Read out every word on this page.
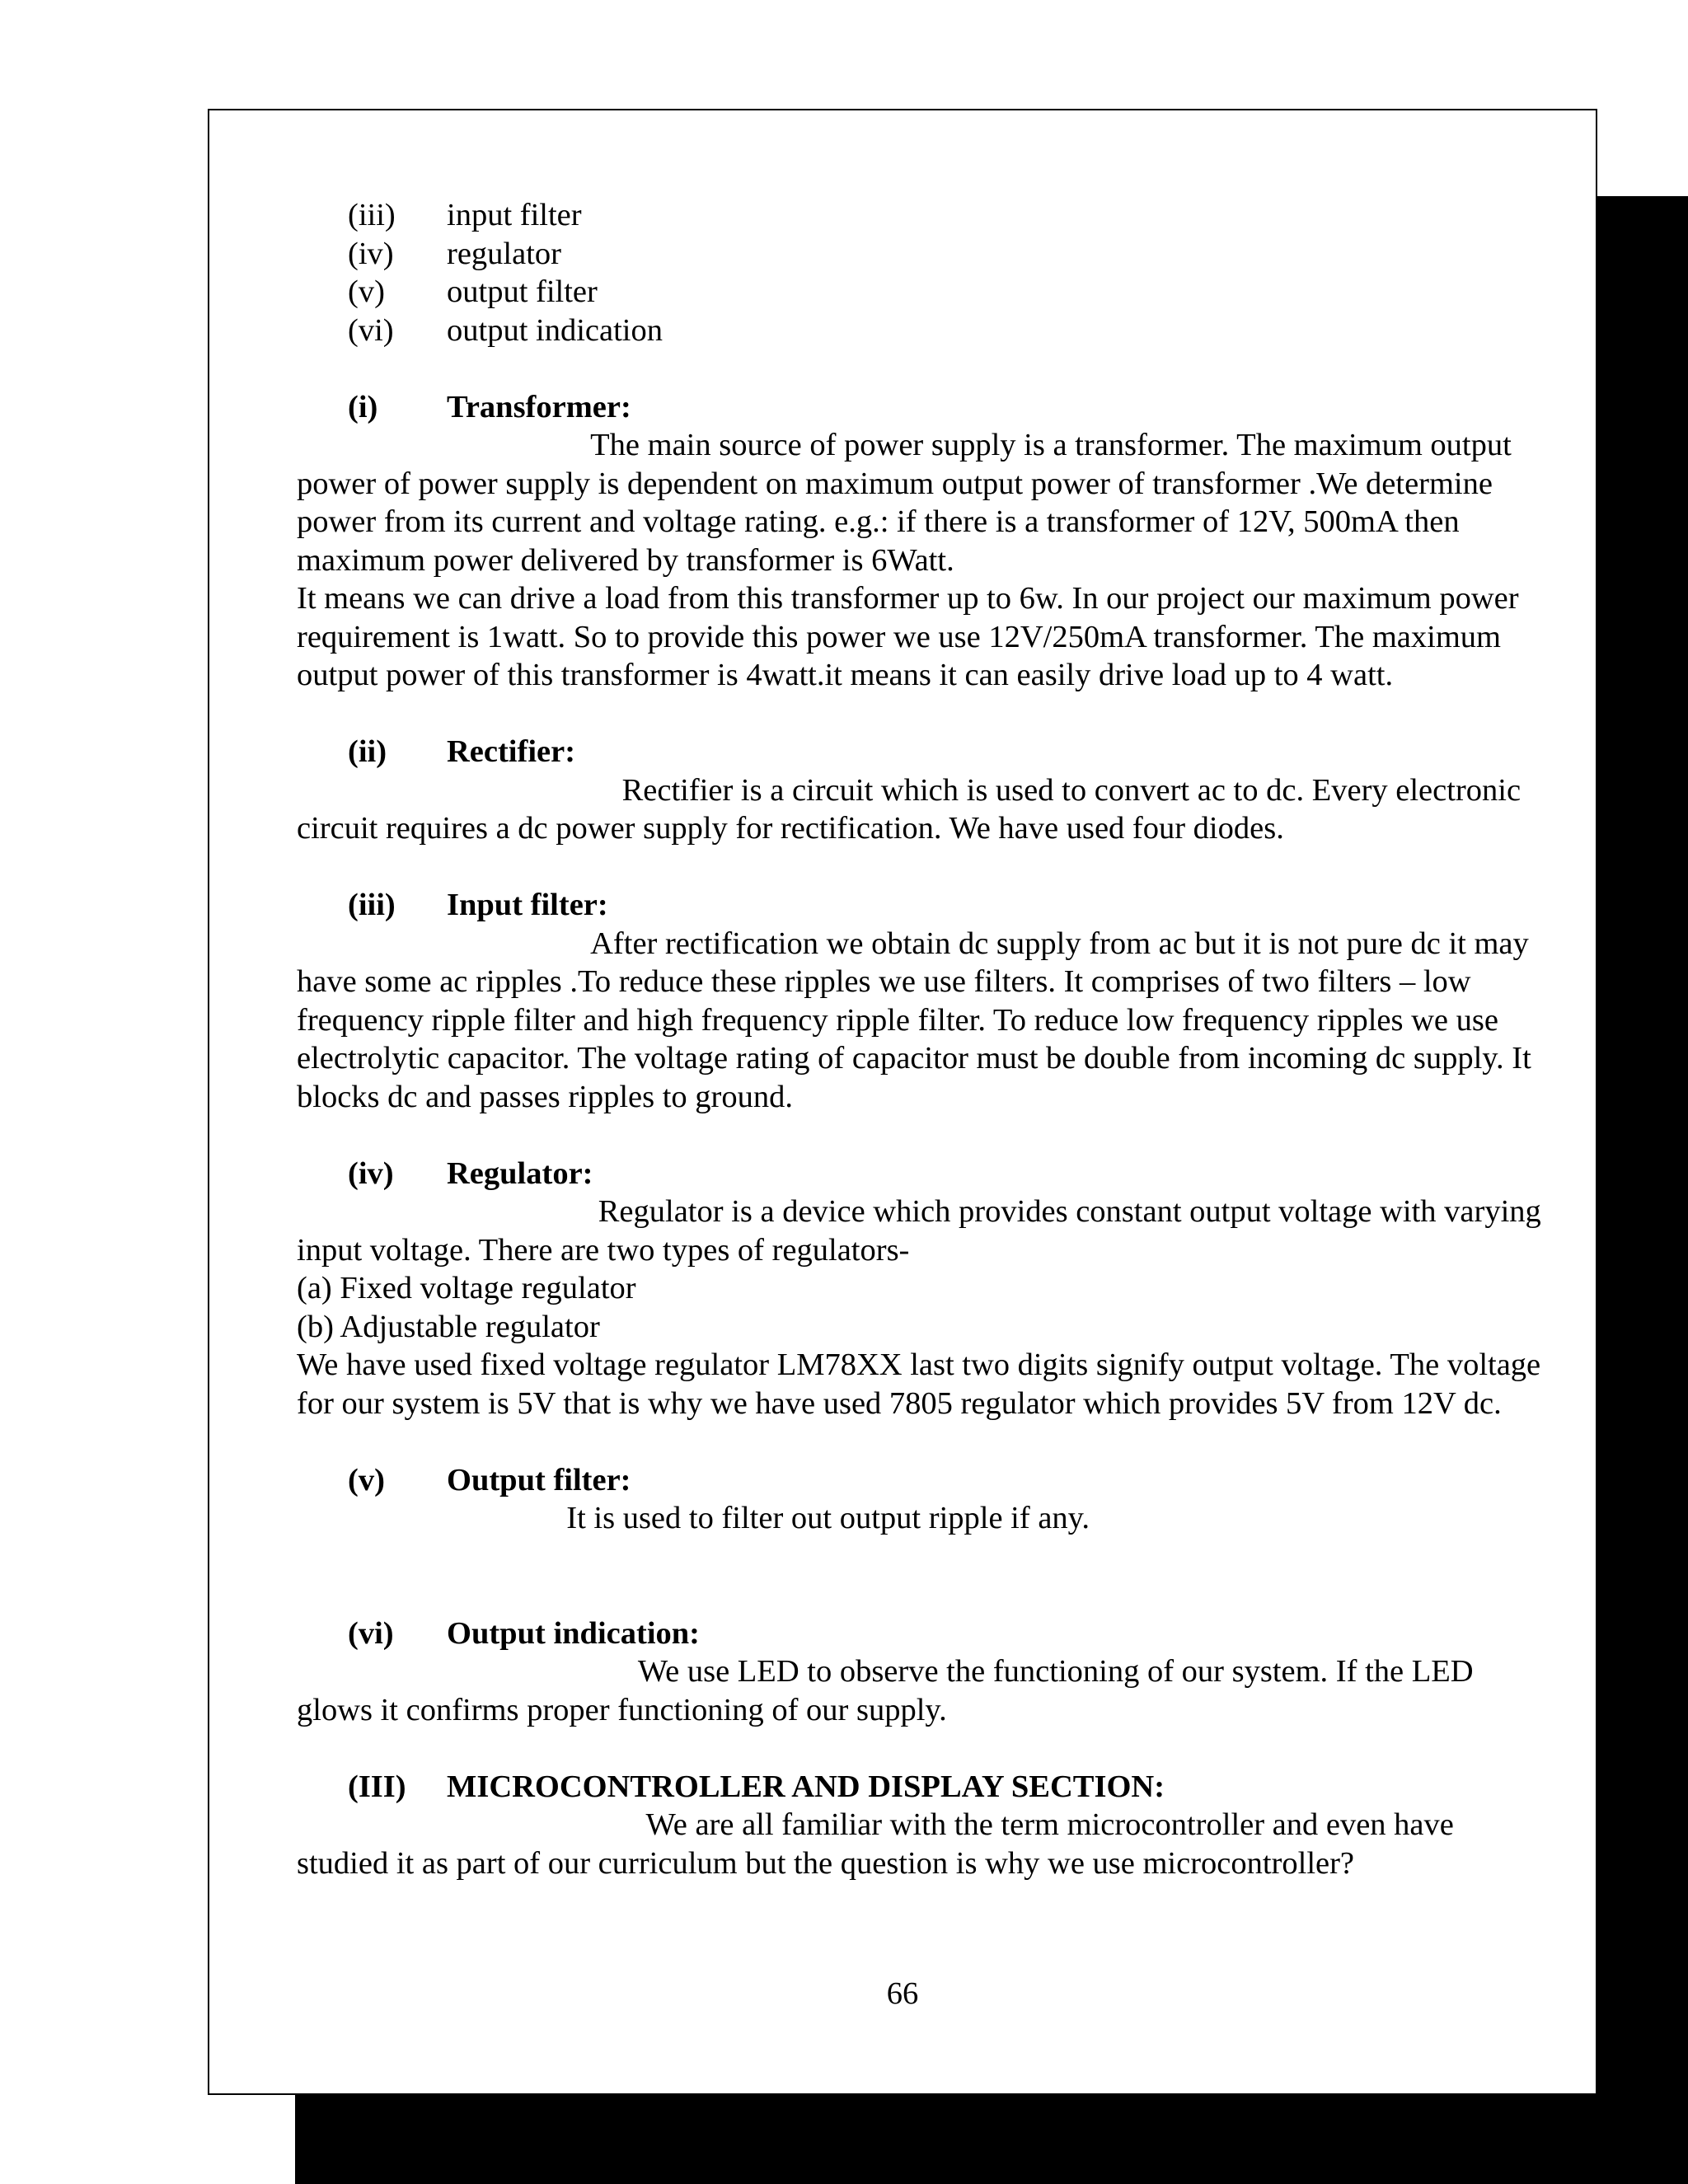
(iii)	input filter
(iv)	regulator
(v)	output filter
(vi)	output indication
(i)	Transformer:

The main source of power supply is a transformer. The maximum output power of power supply is dependent on maximum output power of transformer .We determine power from its current and voltage rating. e.g.: if there is a transformer of 12V, 500mA then maximum power delivered by transformer is 6Watt.

It means we can drive a load from this transformer up to 6w. In our project our maximum power requirement is 1watt. So to provide this power we use 12V/250mA transformer. The maximum output power of this transformer is 4watt.it means it can easily drive load up to 4 watt.

(ii)	Rectifier:

Rectifier is a circuit which is used to convert ac to dc. Every electronic circuit requires a dc power supply for rectification. We have used four diodes.

(iii)	Input filter:

After rectification we obtain dc supply from ac but it is not pure dc it may have some ac ripples .To reduce these ripples we use filters. It comprises of two filters – low frequency ripple filter and high frequency ripple filter. To reduce low frequency ripples we use electrolytic capacitor. The voltage rating of capacitor must be double from incoming dc supply. It blocks dc and passes ripples to ground.

(iv)	Regulator:

Regulator is a device which provides constant output voltage with varying input voltage. There are two types of regulators-

(a) Fixed voltage regulator

(b) Adjustable regulator

We have used fixed voltage regulator LM78XX last two digits signify output voltage. The voltage for our system is 5V that is why we have used 7805 regulator which provides 5V from 12V dc.

(v)	Output filter:

It is used to filter out output ripple if any.

(vi)	Output indication:

We use LED to observe the functioning of our system. If the LED glows it confirms proper functioning of our supply.

(III)	MICROCONTROLLER AND DISPLAY SECTION:

We are all familiar with the term microcontroller and even have studied it as part of our curriculum but the question is why we use microcontroller?

66
